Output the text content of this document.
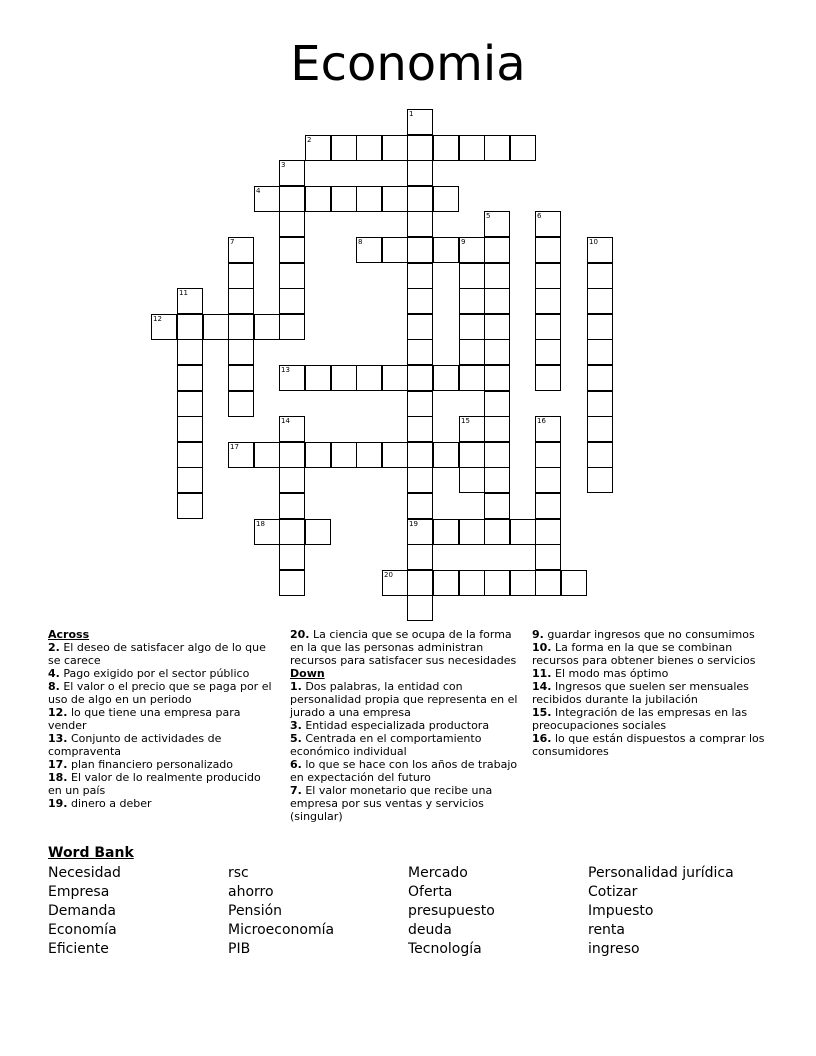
Economia
1
19
2
3
4
5	6
7	8	9	10
11
12
13
14	15	16
17
18
20

Across

2. El deseo de satisfacer algo de lo que se carece

4. Pago exigido por el sector público

8. El valor o el precio que se paga por el uso de algo en un periodo

12. lo que tiene una empresa para vender

13. Conjunto de actividades de compraventa

17. plan financiero personalizado

18. El valor de lo realmente producido en un país

19. dinero a deber

20. La ciencia que se ocupa de la forma en la que las personas administran recursos para satisfacer sus necesidades

Down

1. Dos palabras, la entidad con personalidad propia que representa en el jurado a una empresa

3. Entidad especializada productora

5. Centrada en el comportamiento económico individual

6. lo que se hace con los años de trabajo en expectación del futuro

7. El valor monetario que recibe una empresa por sus ventas y servicios (singular)

9. guardar ingresos que no consumimos

10. La forma en la que se combinan recursos para obtener bienes o servicios

11. El modo mas óptimo

14. Ingresos que suelen ser mensuales recibidos durante la jubilación

15. Integración de las empresas en las preocupaciones sociales

16. lo que están dispuestos a comprar los consumidores

Word Bank

Necesidad
Empresa
Demanda
Economía
Eficiente
rsc
ahorro
Pensión
Microeconomía
PIB
Mercado
Oferta
presupuesto
deuda
Tecnología
Personalidad jurídica
Cotizar
Impuesto
renta
ingreso
